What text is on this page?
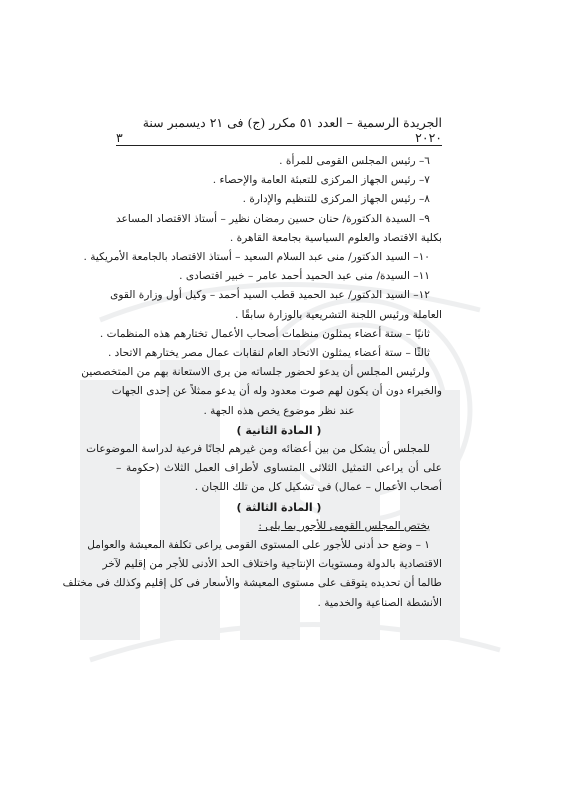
الجريدة الرسمية – العدد ٥١ مكرر (ج) فى ٢١ ديسمبر سنة ٢٠٢٠
٣
٦– رئيس المجلس القومى للمرأة .
٧– رئيس الجهاز المركزى للتعبئة العامة والإحصاء .
٨– رئيس الجهاز المركزى للتنظيم والإدارة .
٩– السيدة الدكتورة/ حنان حسين رمضان نظير – أستاذ الاقتصاد المساعد
بكلية الاقتصاد والعلوم السياسية بجامعة القاهرة .
١٠– السيد الدكتور/ منى عبد السلام السعيد – أستاذ الاقتصاد بالجامعة الأمريكية .
١١– السيدة/ منى عبد الحميد أحمد عامر – خبير اقتصادى .
١٢– السيد الدكتور/ عبد الحميد قطب السيد أحمد – وكيل أول وزارة القوى
العاملة ورئيس اللجنة التشريعية بالوزارة سابقًا .
ثانيًا – ستة أعضاء يمثلون منظمات أصحاب الأعمال تختارهم هذه المنظمات .
ثالثًا – ستة أعضاء يمثلون الاتحاد العام لنقابات عمال مصر يختارهم الاتحاد .
ولرئيس المجلس أن يدعو لحضور جلساته من يرى الاستعانة بهم من المتخصصين
والخبراء دون أن يكون لهم صوت معدود وله أن يدعو ممثلاً عن إحدى الجهات
عند نظر موضوع يخص هذه الجهة .
( المادة الثانية )
للمجلس أن يشكل من بين أعضائه ومن غيرهم لجانًا فرعية لدراسة الموضوعات
على أن يراعى التمثيل الثلاثى المتساوى لأطراف العمل الثلاث (حكومة –
أصحاب الأعمال – عمال) فى تشكيل كل من تلك اللجان .
( المادة الثالثة )
يختص المجلس القومى للأجور بما يلى :
١ – وضع حد أدنى للأجور على المستوى القومى يراعى تكلفة المعيشة والعوامل
الاقتصادية بالدولة ومستويات الإنتاجية واختلاف الحد الأدنى للأجر من إقليم لآخر
طالما أن تحديده يتوقف على مستوى المعيشة والأسعار فى كل إقليم وكذلك فى مختلف
الأنشطة الصناعية والخدمية .
